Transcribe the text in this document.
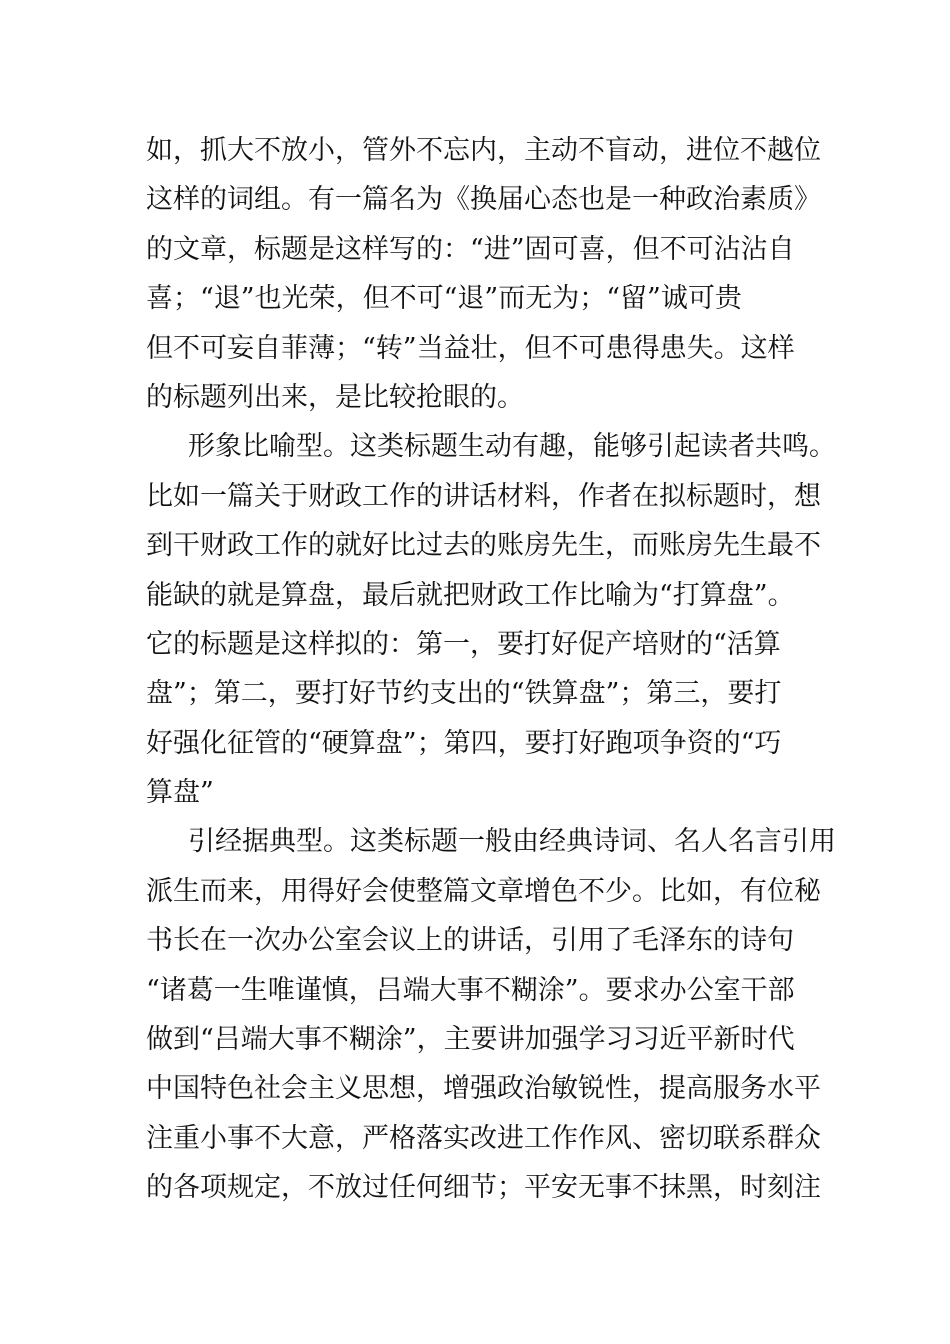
如，抓大不放小，管外不忘内，主动不盲动，进位不越位
这样的词组。有一篇名为《换届心态也是一种政治素质》
的文章，标题是这样写的：“进”固可喜，但不可沾沾自
喜；“退”也光荣，但不可“退”而无为；“留”诚可贵
但不可妄自菲薄；“转”当益壮，但不可患得患失。这样
的标题列出来，是比较抢眼的。
形象比喻型。这类标题生动有趣，能够引起读者共鸣。
比如一篇关于财政工作的讲话材料，作者在拟标题时，想
到干财政工作的就好比过去的账房先生，而账房先生最不
能缺的就是算盘，最后就把财政工作比喻为“打算盘”。
它的标题是这样拟的：第一，要打好促产培财的“活算
盘”；第二，要打好节约支出的“铁算盘”；第三，要打
好强化征管的“硬算盘”；第四，要打好跑项争资的“巧
算盘”
引经据典型。这类标题一般由经典诗词、名人名言引用
派生而来，用得好会使整篇文章增色不少。比如，有位秘
书长在一次办公室会议上的讲话，引用了毛泽东的诗句
“诸葛一生唯谨慎，吕端大事不糊涂”。要求办公室干部
做到“吕端大事不糊涂”，主要讲加强学习习近平新时代
中国特色社会主义思想，增强政治敏锐性，提高服务水平
注重小事不大意，严格落实改进工作作风、密切联系群众
的各项规定，不放过任何细节；平安无事不抹黑，时刻注
